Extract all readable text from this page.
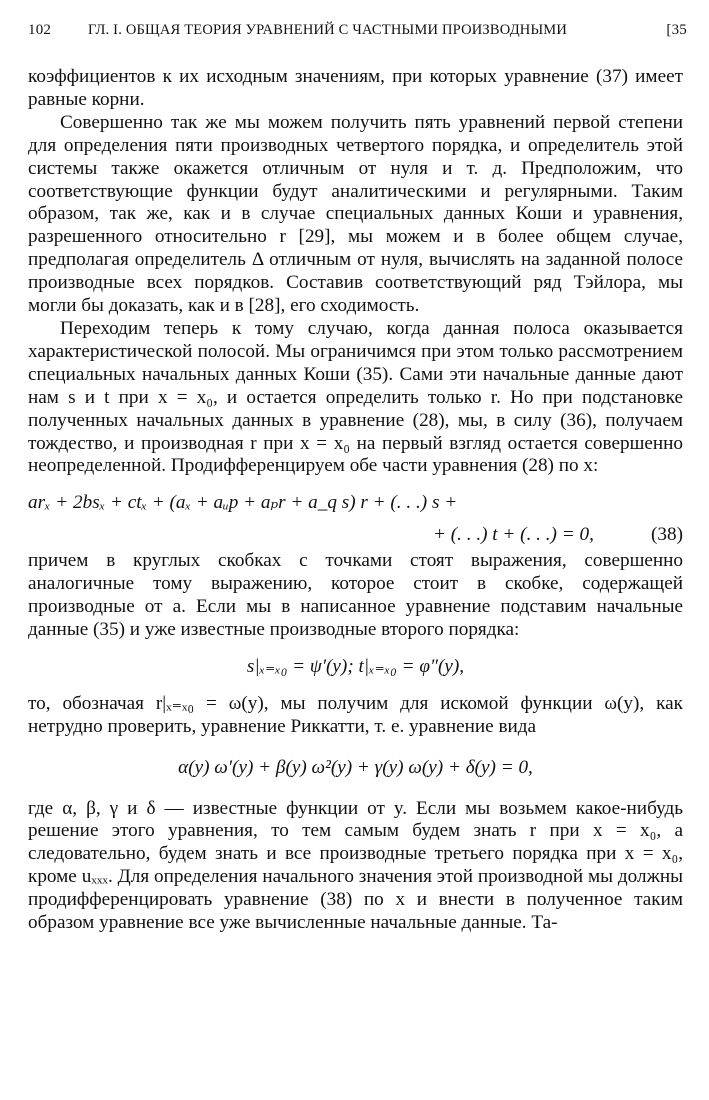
102	ГЛ. I. ОБЩАЯ ТЕОРИЯ УРАВНЕНИЙ С ЧАСТНЫМИ ПРОИЗВОДНЫМИ	[35

коэффициентов к их исходным значениям, при которых уравнение (37) имеет равные корни.

Совершенно так же мы можем получить пять уравнений первой степени для определения пяти производных четвертого порядка, и определитель этой системы также окажется отличным от нуля и т. д. Предположим, что соответствующие функции будут аналитическими и регулярными. Таким образом, так же, как и в случае специальных данных Коши и уравнения, разрешенного относительно r [29], мы можем и в более общем случае, предполагая определитель Δ отличным от нуля, вычислять на заданной полосе производные всех порядков. Составив соответствующий ряд Тэйлора, мы могли бы доказать, как и в [28], его сходимость.

Переходим теперь к тому случаю, когда данная полоса оказывается характеристической полосой. Мы ограничимся при этом только рассмотрением специальных начальных данных Коши (35). Сами эти начальные данные дают нам s и t при x = x₀, и остается определить только r. Но при подстановке полученных начальных данных в уравнение (28), мы, в силу (36), получаем тождество, и производная r при x = x₀ на первый взгляд остается совершенно неопределенной. Продифференцируем обе части уравнения (28) по x:

arₓ + 2bsₓ + ctₓ + (aₓ + aᵤp + aₚr + a_q s) r + (. . .) s +
+ (. . .) t + (. . .) = 0,	(38)

причем в круглых скобках с точками стоят выражения, совершенно аналогичные тому выражению, которое стоит в скобке, содержащей производные от a. Если мы в написанное уравнение подставим начальные данные (35) и уже известные производные второго порядка:

s|ₓ₌ₓ₀ = ψ′(y); t|ₓ₌ₓ₀ = φ″(y),

то, обозначая r|ₓ₌ₓ₀ = ω(y), мы получим для искомой функции ω(y), как нетрудно проверить, уравнение Риккатти, т. е. уравнение вида

α(y) ω′(y) + β(y) ω²(y) + γ(y) ω(y) + δ(y) = 0,

где α, β, γ и δ — известные функции от y. Если мы возьмем какое-нибудь решение этого уравнения, то тем самым будем знать r при x = x₀, а следовательно, будем знать и все производные третьего порядка при x = x₀, кроме uₓₓₓ. Для определения начального значения этой производной мы должны продифференцировать уравнение (38) по x и внести в полученное таким образом уравнение все уже вычисленные начальные данные. Та-
